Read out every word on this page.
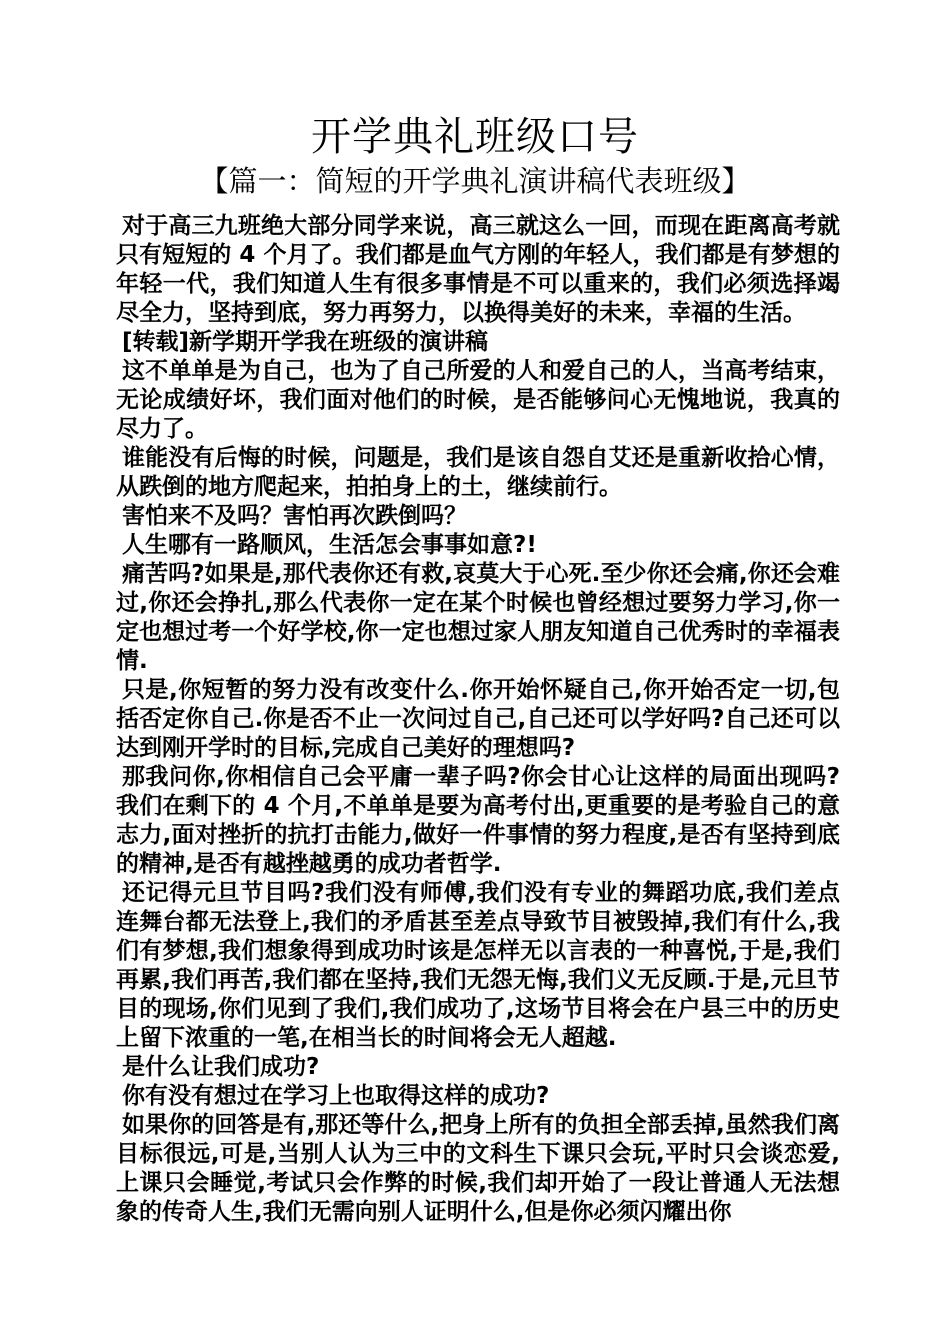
开学典礼班级口号
【篇一：简短的开学典礼演讲稿代表班级】

对于高三九班绝大部分同学来说，高三就这么一回，而现在距离高考就只有短短的 4 个月了。我们都是血气方刚的年轻人，我们都是有梦想的年轻一代，我们知道人生有很多事情是不可以重来的，我们必须选择竭尽全力，坚持到底，努力再努力，以换得美好的未来，幸福的生活。

[转载]新学期开学我在班级的演讲稿

这不单单是为自己，也为了自己所爱的人和爱自己的人，当高考结束，无论成绩好坏，我们面对他们的时候，是否能够问心无愧地说，我真的尽力了。

谁能没有后悔的时候，问题是，我们是该自怨自艾还是重新收拾心情，从跌倒的地方爬起来，拍拍身上的土，继续前行。

害怕来不及吗？害怕再次跌倒吗？

人生哪有一路顺风，生活怎会事事如意?!

痛苦吗?如果是,那代表你还有救,哀莫大于心死.至少你还会痛,你还会难过,你还会挣扎,那么代表你一定在某个时候也曾经想过要努力学习,你一定也想过考一个好学校,你一定也想过家人朋友知道自己优秀时的幸福表情.

只是,你短暂的努力没有改变什么.你开始怀疑自己,你开始否定一切,包括否定你自己.你是否不止一次问过自己,自己还可以学好吗?自己还可以达到刚开学时的目标,完成自己美好的理想吗?

那我问你,你相信自己会平庸一辈子吗?你会甘心让这样的局面出现吗?我们在剩下的 4 个月,不单单是要为高考付出,更重要的是考验自己的意志力,面对挫折的抗打击能力,做好一件事情的努力程度,是否有坚持到底的精神,是否有越挫越勇的成功者哲学.

还记得元旦节目吗?我们没有师傅,我们没有专业的舞蹈功底,我们差点连舞台都无法登上,我们的矛盾甚至差点导致节目被毁掉,我们有什么,我们有梦想,我们想象得到成功时该是怎样无以言表的一种喜悦,于是,我们再累,我们再苦,我们都在坚持,我们无怨无悔,我们义无反顾.于是,元旦节目的现场,你们见到了我们,我们成功了,这场节目将会在户县三中的历史上留下浓重的一笔,在相当长的时间将会无人超越.

是什么让我们成功?

你有没有想过在学习上也取得这样的成功?

如果你的回答是有,那还等什么,把身上所有的负担全部丢掉,虽然我们离目标很远,可是,当别人认为三中的文科生下课只会玩,平时只会谈恋爱,上课只会睡觉,考试只会作弊的时候,我们却开始了一段让普通人无法想象的传奇人生,我们无需向别人证明什么,但是你必须闪耀出你
